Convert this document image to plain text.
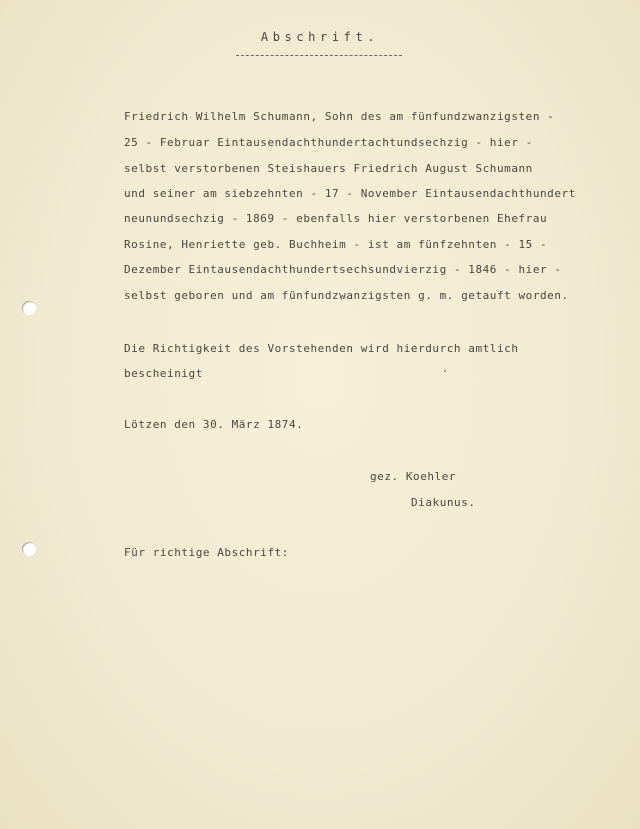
Abschrift.
Friedrich Wilhelm Schumann, Sohn des am fünfundzwanzigsten -
25 - Februar Eintausendachthundertachtundsechzig - hier -
selbst verstorbenen Steishauers Friedrich August Schumann
und seiner am siebzehnten - 17 - November Eintausendachthundert
neunundsechzig - 1869 - ebenfalls hier verstorbenen Ehefrau
Rosine, Henriette geb. Buchheim - ist am fünfzehnten - 15 -
Dezember Eintausendachthundertsechsundvierzig - 1846 - hier -
selbst geboren und am fünfundzwanzigsten g. m. getauft worden.
Die Richtigkeit des Vorstehenden wird hierdurch amtlich
bescheinigt
Lötzen den 30. März 1874.
gez. Koehler
Diakunus.
Für richtige Abschrift:
